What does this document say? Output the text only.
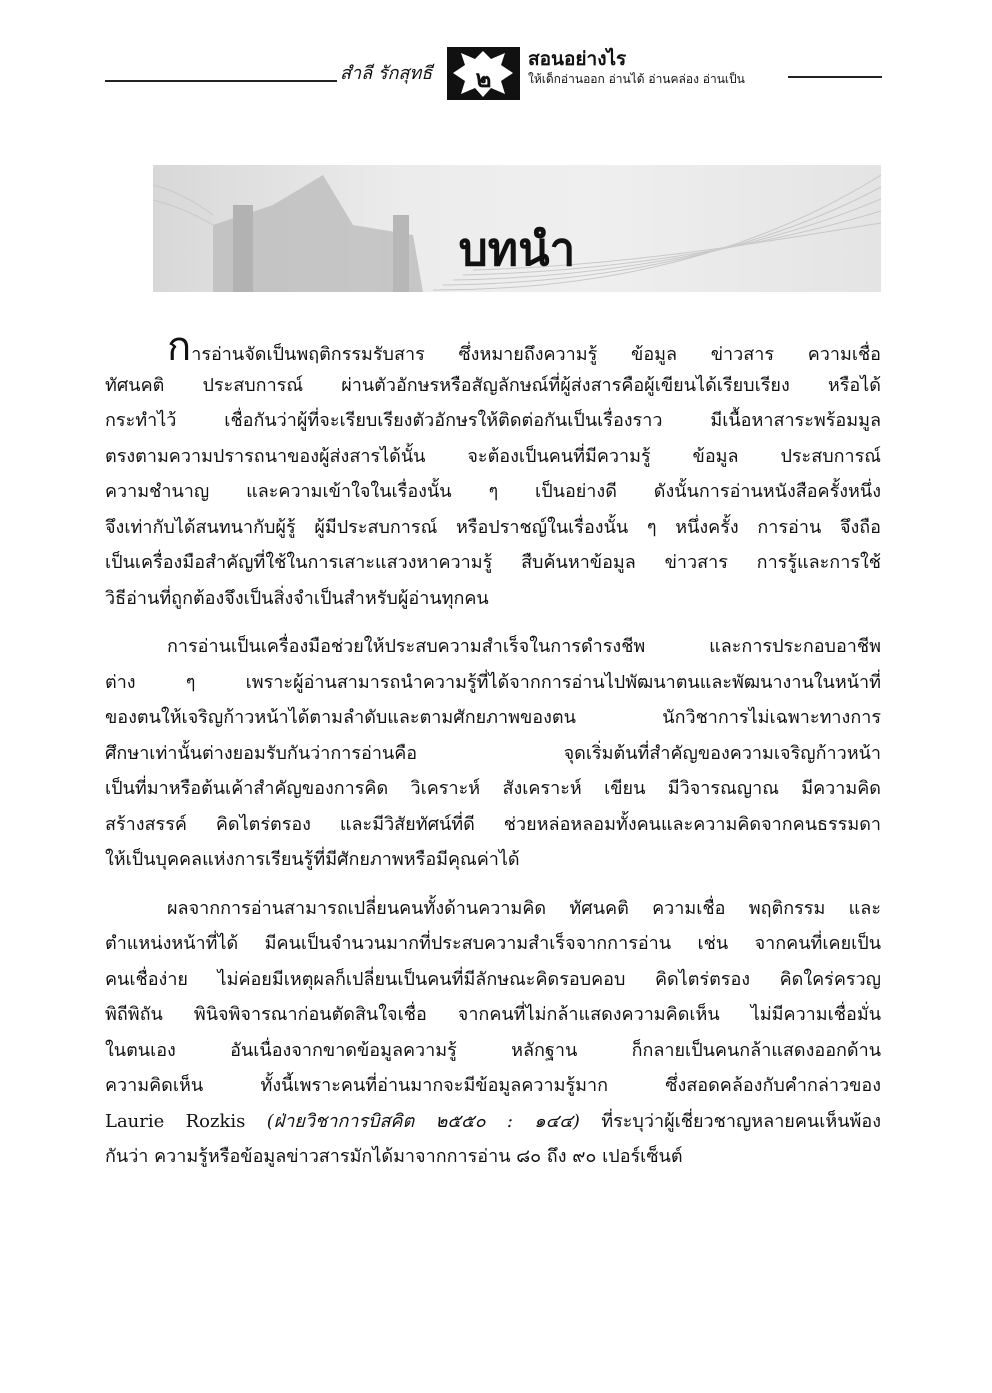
สำลี รักสุทธี	๒
สอนอย่างไร
ให้เด็กอ่านออก อ่านได้ อ่านคล่อง อ่านเป็น
บทนำ
การอ่านจัดเป็นพฤติกรรมรับสาร ซึ่งหมายถึงความรู้ ข้อมูล ข่าวสาร ความเชื่อ
ทัศนคติ ประสบการณ์ ผ่านตัวอักษรหรือสัญลักษณ์ที่ผู้ส่งสารคือผู้เขียนได้เรียบเรียง หรือได้
กระทำไว้ เชื่อกันว่าผู้ที่จะเรียบเรียงตัวอักษรให้ติดต่อกันเป็นเรื่องราว มีเนื้อหาสาระพร้อมมูล
ตรงตามความปรารถนาของผู้ส่งสารได้นั้น จะต้องเป็นคนที่มีความรู้ ข้อมูล ประสบการณ์
ความชำนาญ และความเข้าใจในเรื่องนั้น ๆ เป็นอย่างดี ดังนั้นการอ่านหนังสือครั้งหนึ่ง
จึงเท่ากับได้สนทนากับผู้รู้ ผู้มีประสบการณ์ หรือปราชญ์ในเรื่องนั้น ๆ หนึ่งครั้ง การอ่าน จึงถือ
เป็นเครื่องมือสำคัญที่ใช้ในการเสาะแสวงหาความรู้ สืบค้นหาข้อมูล ข่าวสาร การรู้และการใช้
วิธีอ่านที่ถูกต้องจึงเป็นสิ่งจำเป็นสำหรับผู้อ่านทุกคน
การอ่านเป็นเครื่องมือช่วยให้ประสบความสำเร็จในการดำรงชีพ และการประกอบอาชีพ
ต่าง ๆ เพราะผู้อ่านสามารถนำความรู้ที่ได้จากการอ่านไปพัฒนาตนและพัฒนางานในหน้าที่
ของตนให้เจริญก้าวหน้าได้ตามลำดับและตามศักยภาพของตน นักวิชาการไม่เฉพาะทางการ
ศึกษาเท่านั้นต่างยอมรับกันว่าการอ่านคือ จุดเริ่มต้นที่สำคัญของความเจริญก้าวหน้า
เป็นที่มาหรือต้นเค้าสำคัญของการคิด วิเคราะห์ สังเคราะห์ เขียน มีวิจารณญาณ มีความคิด
สร้างสรรค์ คิดไตร่ตรอง และมีวิสัยทัศน์ที่ดี ช่วยหล่อหลอมทั้งคนและความคิดจากคนธรรมดา
ให้เป็นบุคคลแห่งการเรียนรู้ที่มีศักยภาพหรือมีคุณค่าได้
ผลจากการอ่านสามารถเปลี่ยนคนทั้งด้านความคิด ทัศนคติ ความเชื่อ พฤติกรรม และ
ตำแหน่งหน้าที่ได้ มีคนเป็นจำนวนมากที่ประสบความสำเร็จจากการอ่าน เช่น จากคนที่เคยเป็น
คนเชื่อง่าย ไม่ค่อยมีเหตุผลก็เปลี่ยนเป็นคนที่มีลักษณะคิดรอบคอบ คิดไตร่ตรอง คิดใคร่ครวญ
พิถีพิถัน พินิจพิจารณาก่อนตัดสินใจเชื่อ จากคนที่ไม่กล้าแสดงความคิดเห็น ไม่มีความเชื่อมั่น
ในตนเอง อันเนื่องจากขาดข้อมูลความรู้ หลักฐาน ก็กลายเป็นคนกล้าแสดงออกด้าน
ความคิดเห็น ทั้งนี้เพราะคนที่อ่านมากจะมีข้อมูลความรู้มาก ซึ่งสอดคล้องกับคำกล่าวของ
Laurie Rozkis (ฝ่ายวิชาการบิสคิต ๒๕๕๐ : ๑๔๔) ที่ระบุว่าผู้เชี่ยวชาญหลายคนเห็นพ้อง
กันว่า ความรู้หรือข้อมูลข่าวสารมักได้มาจากการอ่าน ๘๐ ถึง ๙๐ เปอร์เซ็นต์
